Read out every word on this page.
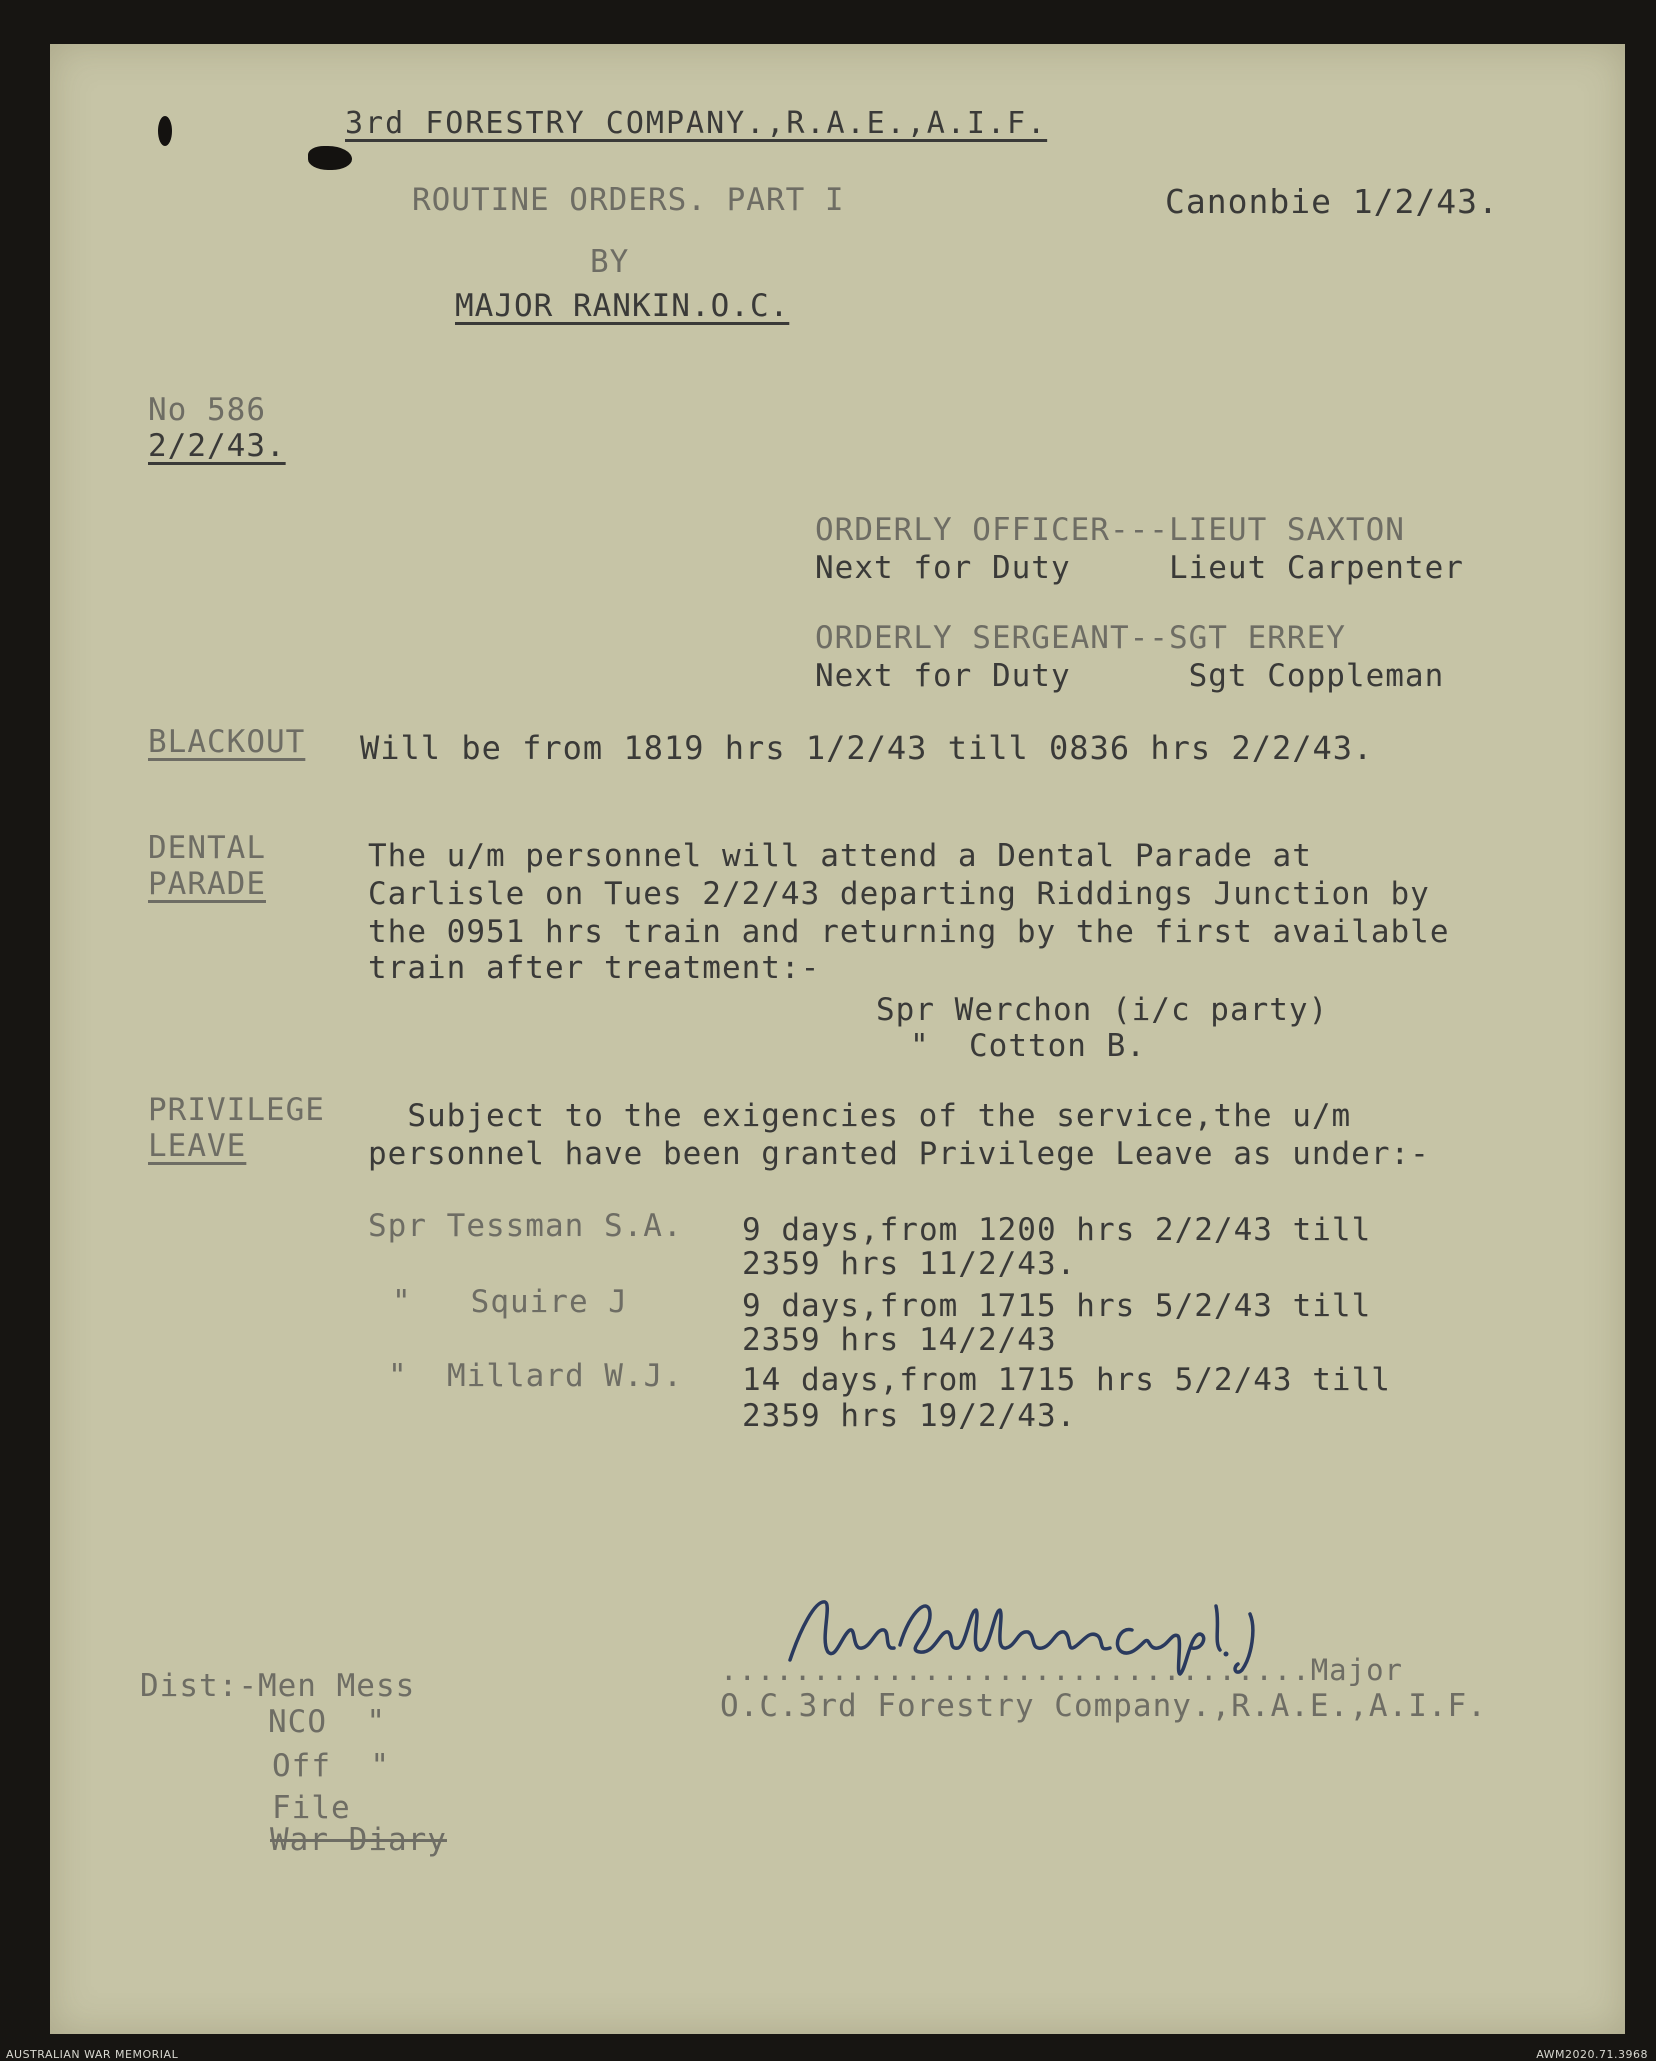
3rd FORESTRY COMPANY.,R.A.E.,A.I.F.
ROUTINE ORDERS. PART I	Canonbie 1/2/43.
BY
MAJOR RANKIN.O.C.
No 586
2/2/43.
ORDERLY OFFICER---LIEUT SAXTON
Next for Duty     Lieut Carpenter
ORDERLY SERGEANT--SGT ERREY
Next for Duty      Sgt Coppleman
BLACKOUT Will be from 1819 hrs 1/2/43 till 0836 hrs 2/2/43.
DENTAL
PARADE
The u/m personnel will attend a Dental Parade at
Carlisle on Tues 2/2/43 departing Riddings Junction by
the 0951 hrs train and returning by the first available
train after treatment:-
Spr Werchon (i/c party)
"  Cotton B.
PRIVILEGE
LEAVE
Subject to the exigencies of the service,the u/m
personnel have been granted Privilege Leave as under:-
Spr Tessman S.A. 9 days,from 1200 hrs 2/2/43 till
2359 hrs 11/2/43.
"   Squire J	9 days,from 1715 hrs 5/2/43 till
2359 hrs 14/2/43
"  Millard W.J. 14 days,from 1715 hrs 5/2/43 till
2359 hrs 19/2/43.
................................Major
O.C.3rd Forestry Company.,R.A.E.,A.I.F.
Dist:-Men Mess
NCO  "
Off  "
File
War Diary
AUSTRALIAN WAR MEMORIAL	AWM2020.71.3968
